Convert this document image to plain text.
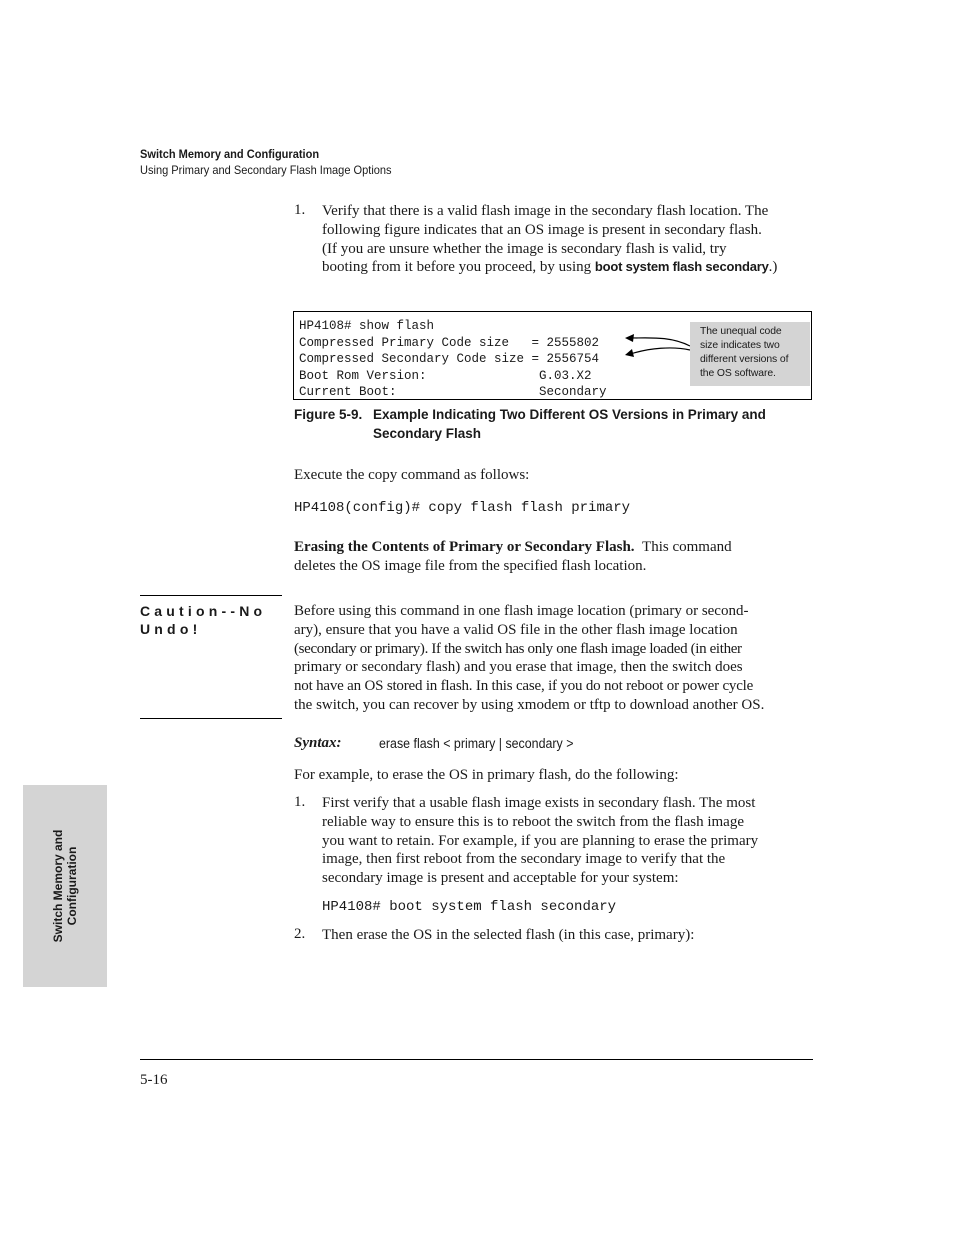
Switch Memory and Configuration
Using Primary and Secondary Flash Image Options
1. Verify that there is a valid flash image in the secondary flash location. The
following figure indicates that an OS image is present in secondary flash.
(If you are unsure whether the image is secondary flash is valid, try
booting from it before you proceed, by using boot system flash secondary.)
HP4108# show flash
Compressed Primary Code size   = 2555802
Compressed Secondary Code size = 2556754
Boot Rom Version:               G.03.X2
Current Boot:                   Secondary
The unequal code
size indicates two
different versions of
the OS software.
Figure 5-9. Example Indicating Two Different OS Versions in Primary and
Secondary Flash
Execute the copy command as follows:
HP4108(config)# copy flash flash primary
Erasing the Contents of Primary or Secondary Flash. This command
deletes the OS image file from the specified flash location.
Caution--No
Undo!
Before using this command in one flash image location (primary or second-
ary), ensure that you have a valid OS file in the other flash image location
(secondary or primary). If the switch has only one flash image loaded (in either
primary or secondary flash) and you erase that image, then the switch does
not have an OS stored in flash. In this case, if you do not reboot or power cycle
the switch, you can recover by using xmodem or tftp to download another OS.
Syntax:	erase flash < primary | secondary >
For example, to erase the OS in primary flash, do the following:
1. First verify that a usable flash image exists in secondary flash. The most
reliable way to ensure this is to reboot the switch from the flash image
you want to retain. For example, if you are planning to erase the primary
image, then first reboot from the secondary image to verify that the
secondary image is present and acceptable for your system:
HP4108# boot system flash secondary
2. Then erase the OS in the selected flash (in this case, primary):
Switch Memory and Configuration
5-16
